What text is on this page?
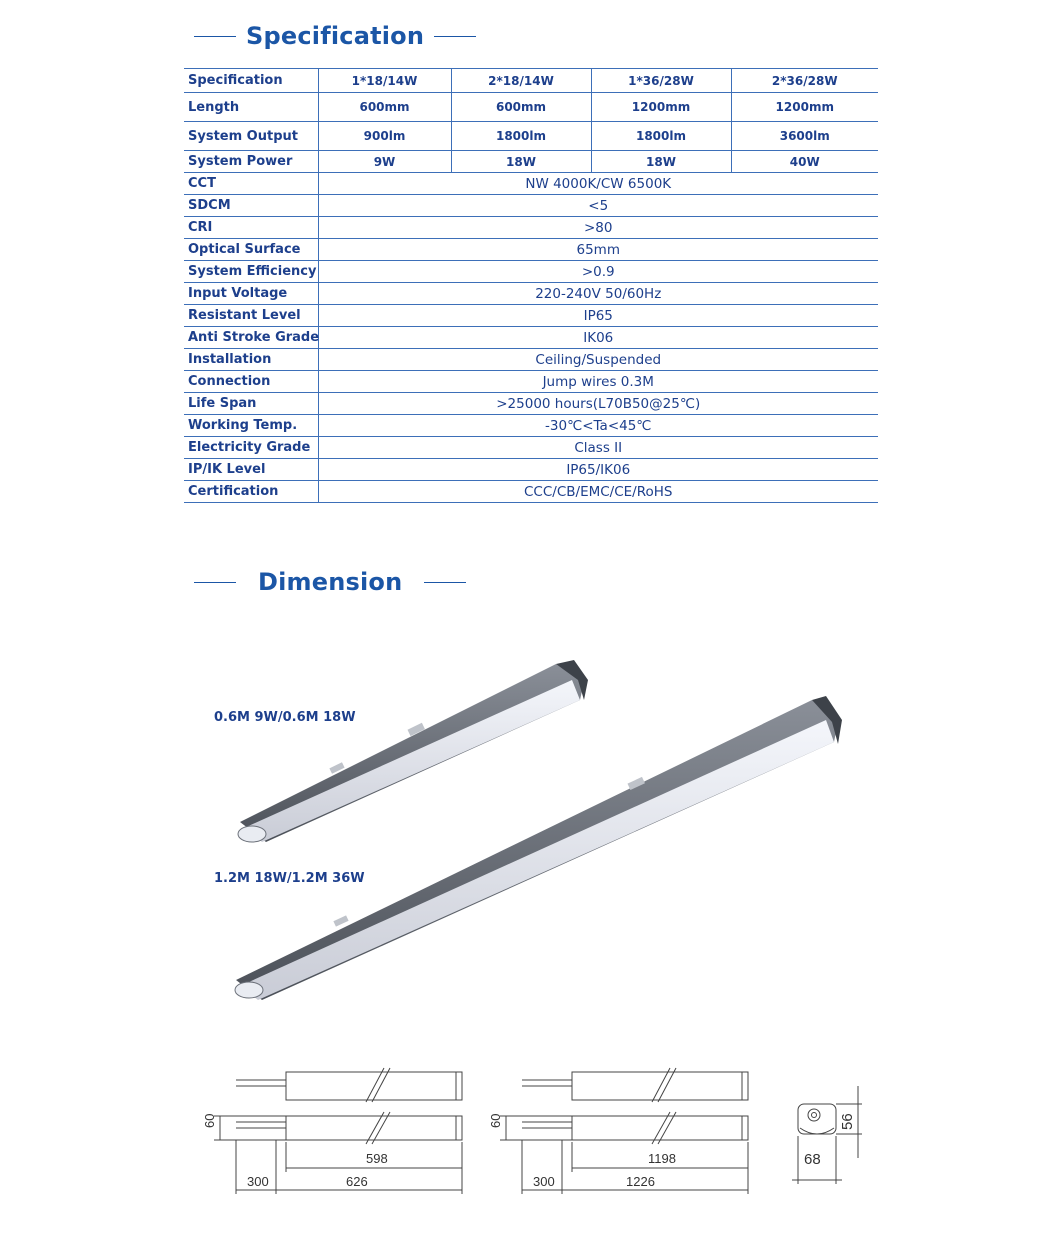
Specification
Specification	1*18/14W	2*18/14W	1*36/28W	2*36/28W
Length	600mm	600mm	1200mm	1200mm
System Output	900lm	1800lm	1800lm	3600lm
System Power	9W	18W	18W	40W
CCT	NW 4000K/CW 6500K			
SDCM	<5			
CRI	>80			
Optical Surface	65mm			
System Efficiency	>0.9			
Input Voltage	220-240V 50/60Hz			
Resistant Level	IP65			
Anti Stroke Grade	IK06			
Installation	Ceiling/Suspended			
Connection	Jump wires 0.3M			
Life Span	>25000 hours(L70B50@25℃)			
Working Temp.	-30℃<Ta<45℃			
Electricity Grade	Class II			
IP/IK Level	IP65/IK06			
Certification	CCC/CB/EMC/CE/RoHS			
Dimension
0.6M 9W/0.6M 18W
1.2M 18W/1.2M 36W
60
598
300	626
60
1198
300	1226
56
68
